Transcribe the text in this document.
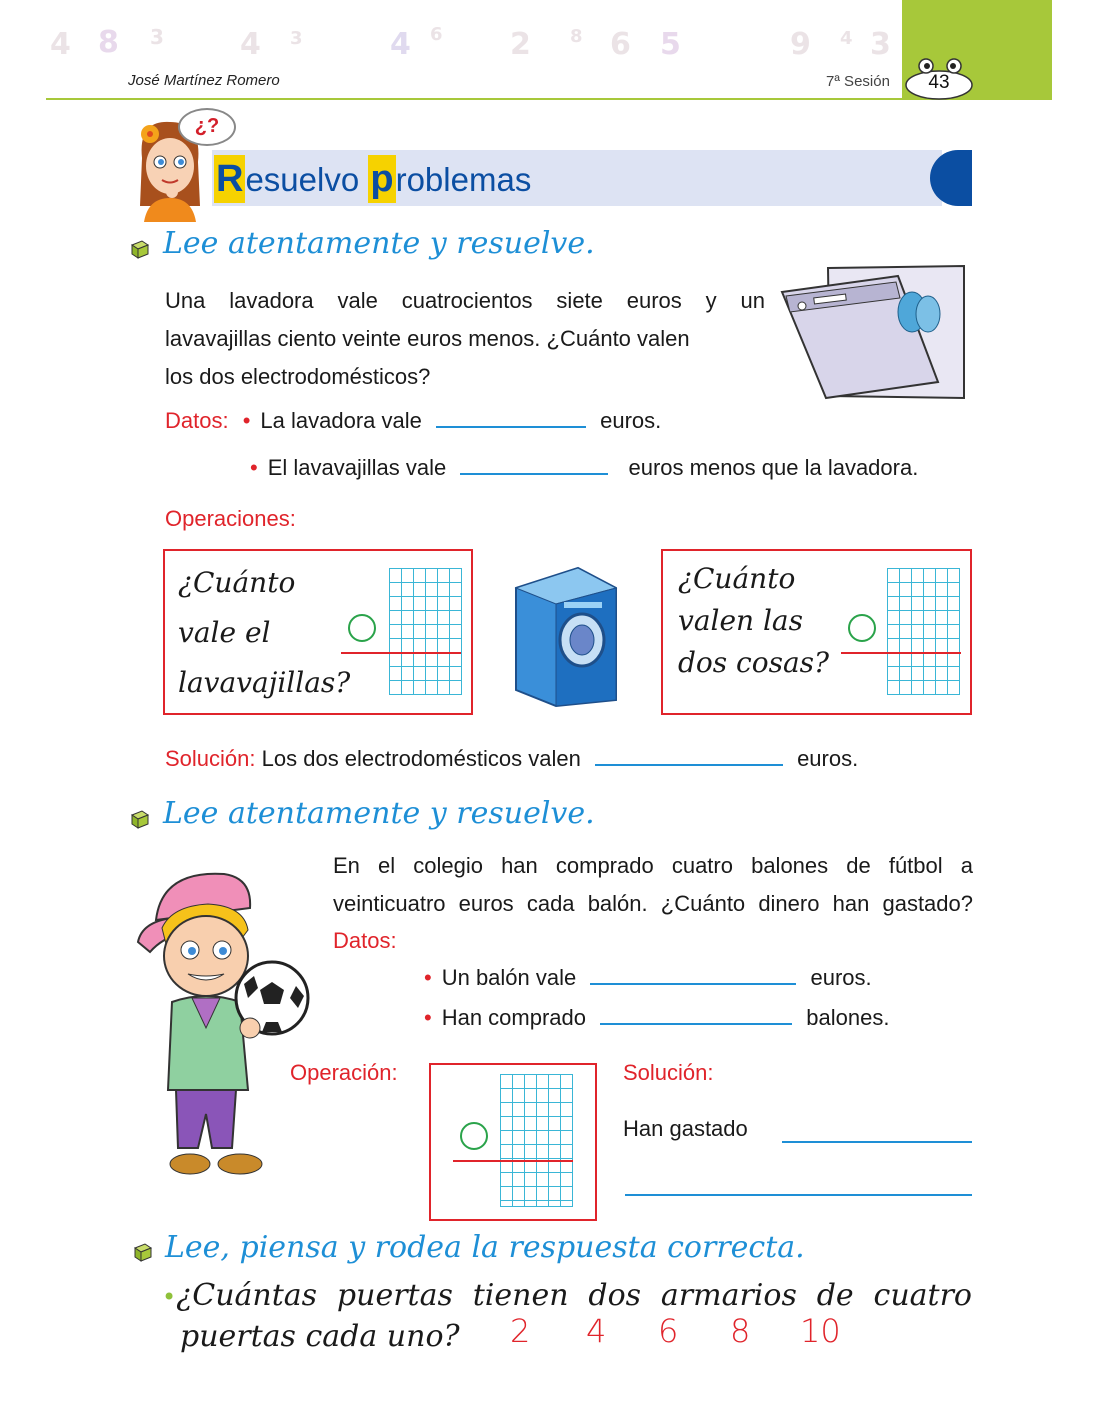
4 8 3	4 3	4 6 2 8 6 5	9 4 3
José Martínez Romero	7ª Sesión	43
¿?
Resuelvo problemas
Lee atentamente y resuelve.
Una lavadora vale cuatrocientos siete euros y un
lavavajillas ciento veinte euros menos. ¿Cuánto valen
los dos electrodomésticos?
Datos: • La lavadora vale	euros.
• El lavavajillas vale	euros menos que la lavadora.
Operaciones:
¿Cuánto
vale el
lavavajillas?
¿Cuánto
valen las
dos cosas?
Solución: Los dos electrodomésticos valen	euros.
Lee atentamente y resuelve.
En el colegio han comprado cuatro balones de fútbol a
veinticuatro euros cada balón. ¿Cuánto dinero han gastado?
Datos:
• Un balón vale	euros.
• Han comprado	balones.
Operación:	Solución:
Han gastado
Lee, piensa y rodea la respuesta correcta.
•¿Cuántas puertas tienen dos armarios de cuatro
puertas cada uno?	2 4 6 8 10
